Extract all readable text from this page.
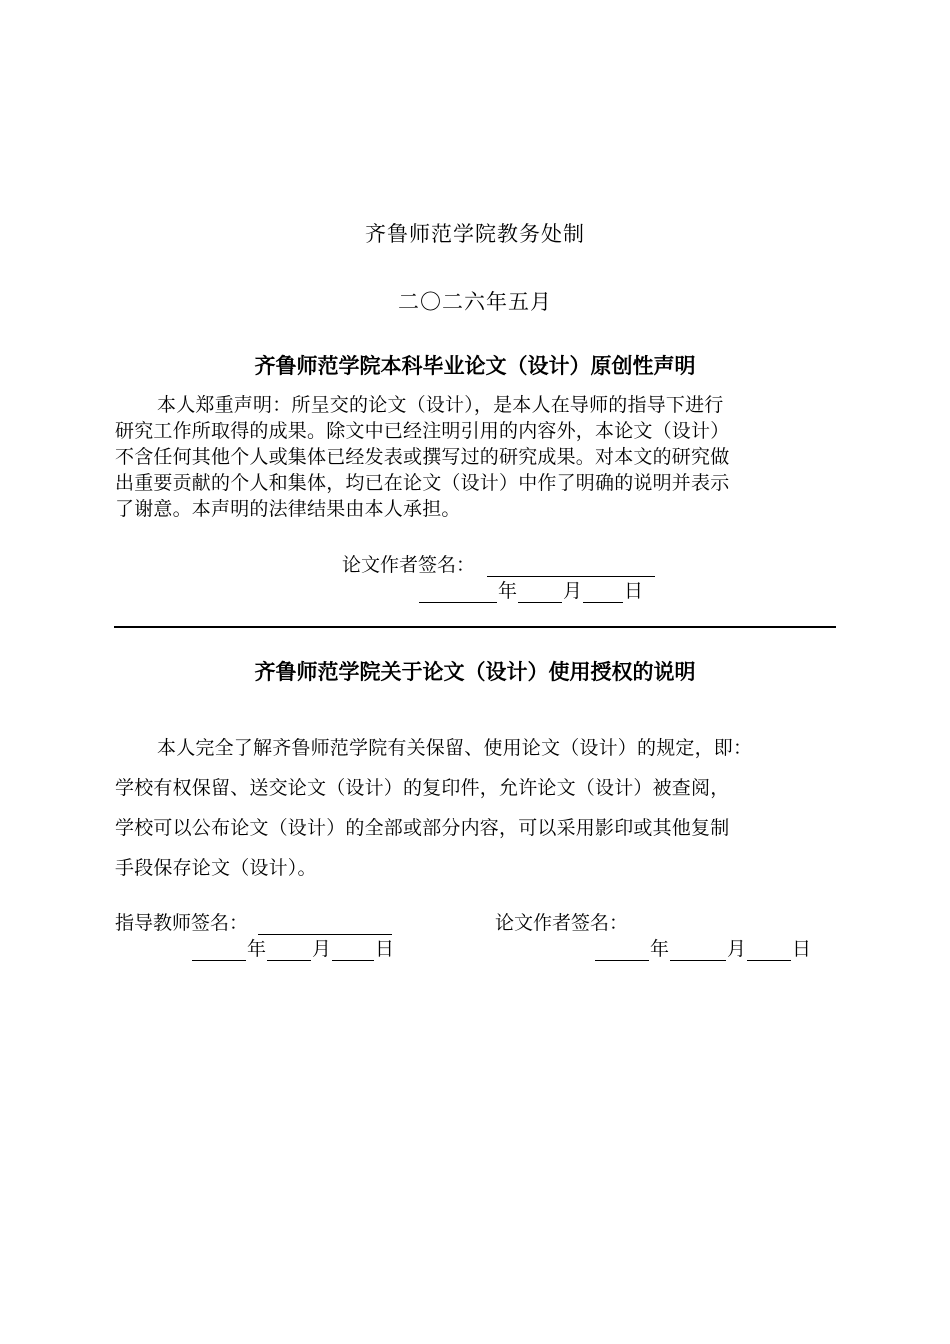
齐鲁师范学院教务处制
二〇二六年五月
齐鲁师范学院本科毕业论文（设计）原创性声明
本人郑重声明：所呈交的论文（设计），是本人在导师的指导下进行
研究工作所取得的成果。除文中已经注明引用的内容外，本论文（设计）
不含任何其他个人或集体已经发表或撰写过的研究成果。对本文的研究做
出重要贡献的个人和集体，均已在论文（设计）中作了明确的说明并表示
了谢意。本声明的法律结果由本人承担。
论文作者签名：
年 月 日
齐鲁师范学院关于论文（设计）使用授权的说明
本人完全了解齐鲁师范学院有关保留、使用论文（设计）的规定，即：
学校有权保留、送交论文（设计）的复印件，允许论文（设计）被查阅，
学校可以公布论文（设计）的全部或部分内容，可以采用影印或其他复制
手段保存论文（设计）。
指导教师签名：	论文作者签名：
年 月 日	年	月 日
